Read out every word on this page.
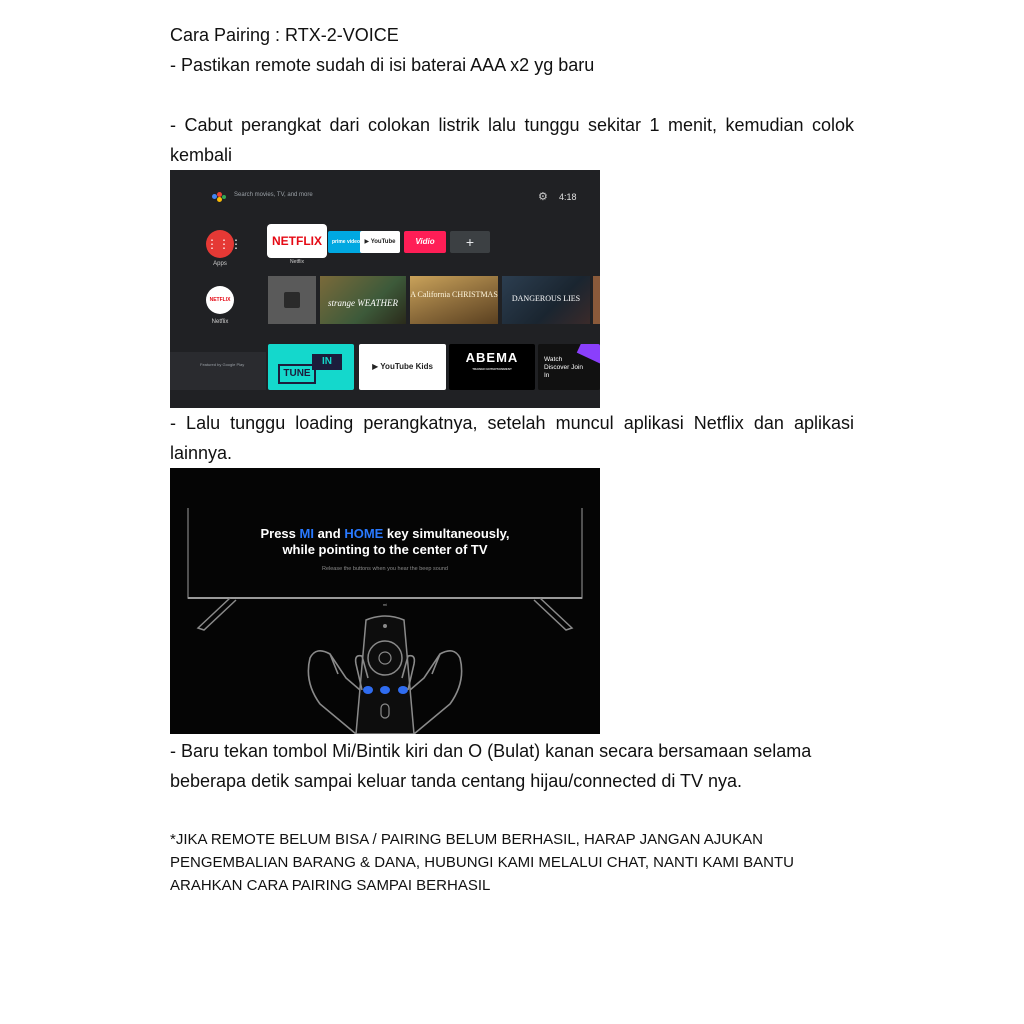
Cara Pairing : RTX-2-VOICE

- Pastikan remote sudah di isi baterai AAA x2 yg baru

- Cabut perangkat dari colokan listrik lalu tunggu sekitar 1 menit, kemudian colok kembali

Search movies, TV, and more	⚙ 4:18
⋮⋮⋮
Apps
NETFLIX
Netflix
Featured by Google Play
NETFLIX
Netflix
prime video ▶ YouTube	Vidio	+
strange WEATHER
A California CHRISTMAS	DANGEROUS LIES
TUNE
IN	▶ YouTube Kids
ABEMA
TRAINED ENTERTAINMENT
Watch Discover Join In

- Lalu tunggu loading perangkatnya, setelah muncul aplikasi Netflix dan aplikasi lainnya.

Press MI and HOME key simultaneously,
while pointing to the center of TV
Release the buttons when you hear the beep sound
mi

- Baru tekan tombol Mi/Bintik kiri dan O (Bulat) kanan secara bersamaan selama beberapa detik sampai keluar tanda centang hijau/connected di TV nya.

*JIKA REMOTE BELUM BISA / PAIRING BELUM BERHASIL, HARAP JANGAN AJUKAN PENGEMBALIAN BARANG & DANA, HUBUNGI KAMI MELALUI CHAT, NANTI KAMI BANTU ARAHKAN CARA PAIRING SAMPAI BERHASIL
